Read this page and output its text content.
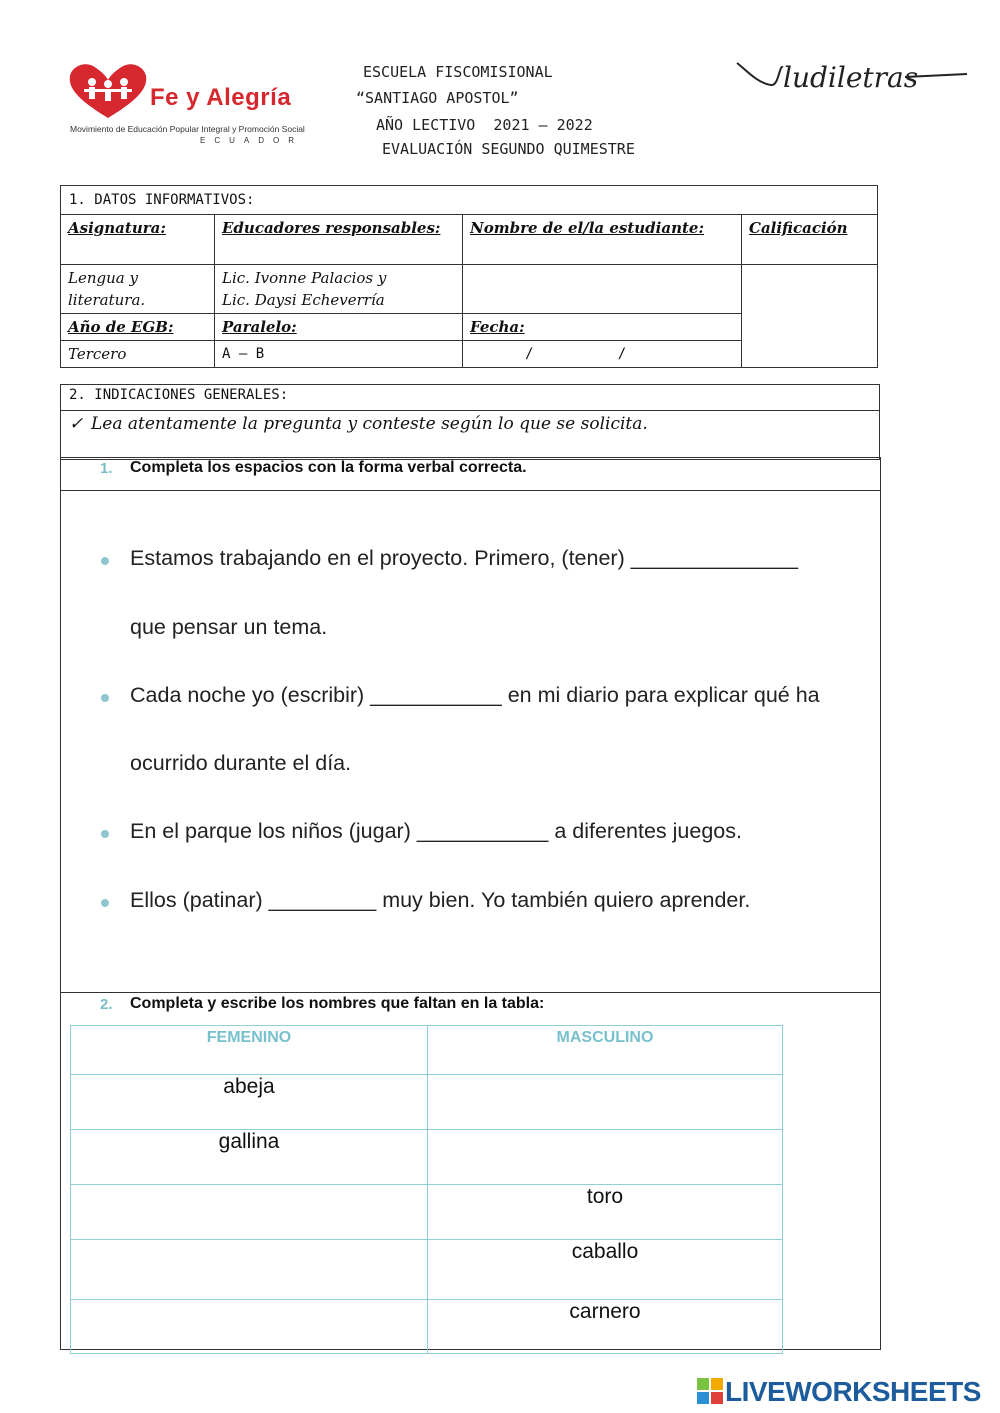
Fe y Alegría
Movimiento de Educación Popular Integral y Promoción Social
ECUADOR
ESCUELA FISCOMISIONAL
“SANTIAGO APOSTOL”
AÑO LECTIVO  2021 – 2022
EVALUACIÓN SEGUNDO QUIMESTRE
ludiletras
1. DATOS INFORMATIVOS:			
Asignatura:	Educadores responsables:	Nombre de el/la estudiante:	Calificación
Lengua y literatura.	Lic. Ivonne Palacios y
Lic. Daysi Echeverría		

Año de EGB:	Paralelo:	Fecha:	
Tercero	A – B	/          /	
2. INDICACIONES GENERALES:
✓ Lea atentamente la pregunta y conteste según lo que se solicita.
1. Completa los espacios con la forma verbal correcta.
Estamos trabajando en el proyecto. Primero, (tener) ______________
que pensar un tema.
Cada noche yo (escribir) ___________ en mi diario para explicar qué ha
ocurrido durante el día.
En el parque los niños (jugar) ___________ a diferentes juegos.
Ellos (patinar) _________ muy bien. Yo también quiero aprender.
2. Completa y escribe los nombres que faltan en la tabla:
FEMENINO	MASCULINO
abeja	
gallina	
	toro
	caballo
	carnero
LIVEWORKSHEETS
